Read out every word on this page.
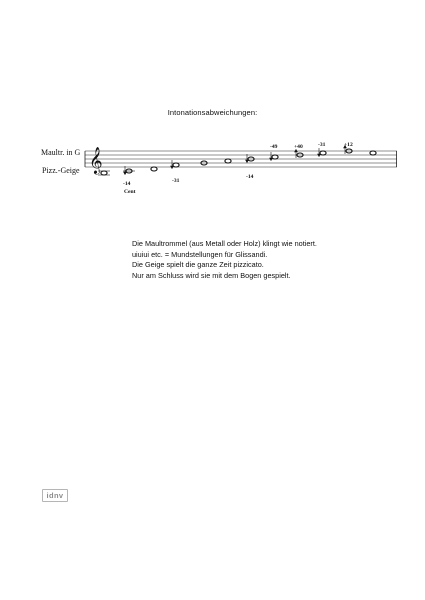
Intonationsabweichungen:
Maultr. in G
Pizz.-Geige 𝄞
-14
Cent
-31
-14
-49	+40	-31	+12

Die Maultrommel (aus Metall oder Holz) klingt wie notiert.

uiuiui etc. = Mundstellungen für Glissandi.

Die Geige spielt die ganze Zeit pizzicato.

Nur am Schluss wird sie mit dem Bogen gespielt.

idnv
